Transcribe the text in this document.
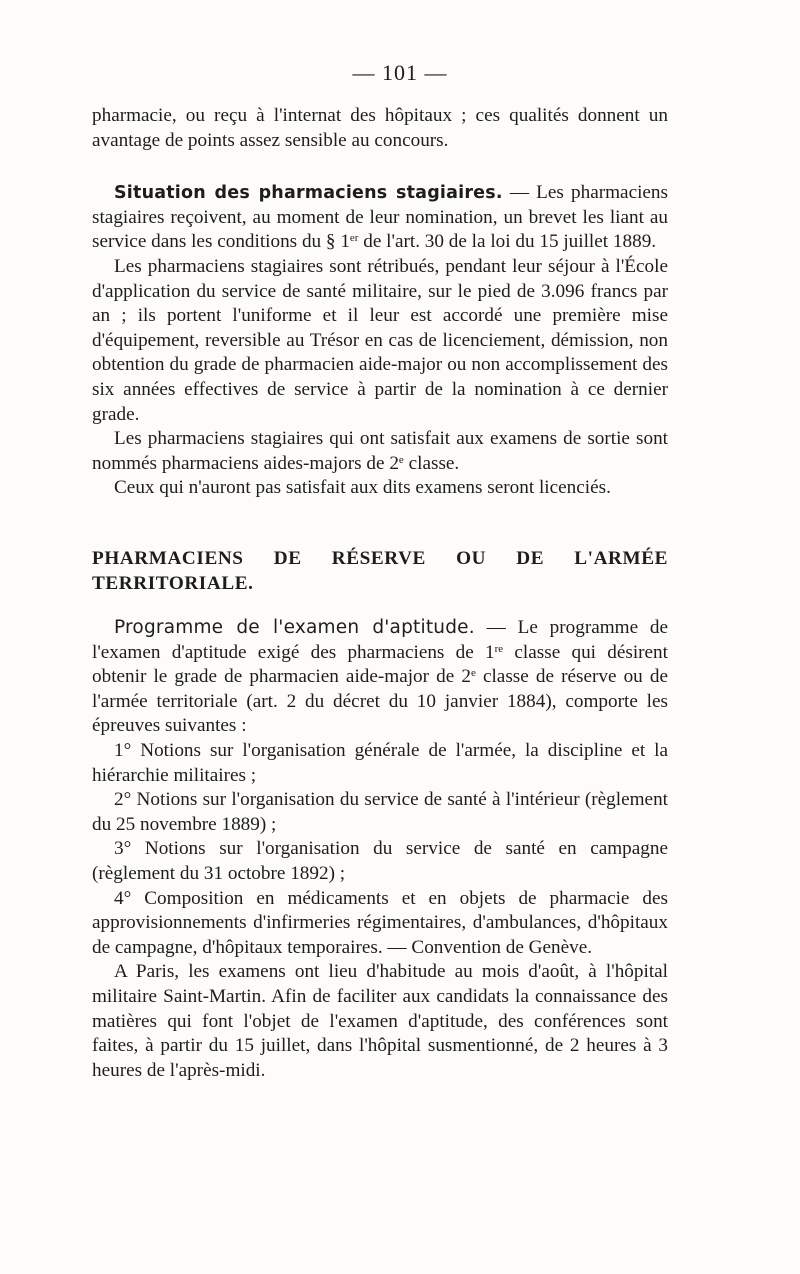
— 101 —

pharmacie, ou reçu à l'internat des hôpitaux ; ces qualités donnent un avantage de points assez sensible au concours.

Situation des pharmaciens stagiaires. — Les pharmaciens stagiaires reçoivent, au moment de leur nomination, un brevet les liant au service dans les conditions du § 1er de l'art. 30 de la loi du 15 juillet 1889.

Les pharmaciens stagiaires sont rétribués, pendant leur séjour à l'École d'application du service de santé militaire, sur le pied de 3.096 francs par an ; ils portent l'uniforme et il leur est accordé une première mise d'équipement, reversible au Trésor en cas de licenciement, démission, non obtention du grade de pharmacien aide-major ou non accomplissement des six années effectives de service à partir de la nomination à ce dernier grade.

Les pharmaciens stagiaires qui ont satisfait aux examens de sortie sont nommés pharmaciens aides-majors de 2e classe.

Ceux qui n'auront pas satisfait aux dits examens seront licenciés.

PHARMACIENS DE RÉSERVE OU DE L'ARMÉE TERRITORIALE.

Programme de l'examen d'aptitude. — Le programme de l'examen d'aptitude exigé des pharmaciens de 1re classe qui désirent obtenir le grade de pharmacien aide-major de 2e classe de réserve ou de l'armée territoriale (art. 2 du décret du 10 janvier 1884), comporte les épreuves suivantes :

1° Notions sur l'organisation générale de l'armée, la discipline et la hiérarchie militaires ;

2° Notions sur l'organisation du service de santé à l'intérieur (règlement du 25 novembre 1889) ;

3° Notions sur l'organisation du service de santé en campagne (règlement du 31 octobre 1892) ;

4° Composition en médicaments et en objets de pharmacie des approvisionnements d'infirmeries régimentaires, d'ambulances, d'hôpitaux de campagne, d'hôpitaux temporaires. — Convention de Genève.

A Paris, les examens ont lieu d'habitude au mois d'août, à l'hôpital militaire Saint-Martin. Afin de faciliter aux candidats la connaissance des matières qui font l'objet de l'examen d'aptitude, des conférences sont faites, à partir du 15 juillet, dans l'hôpital susmentionné, de 2 heures à 3 heures de l'après-midi.
